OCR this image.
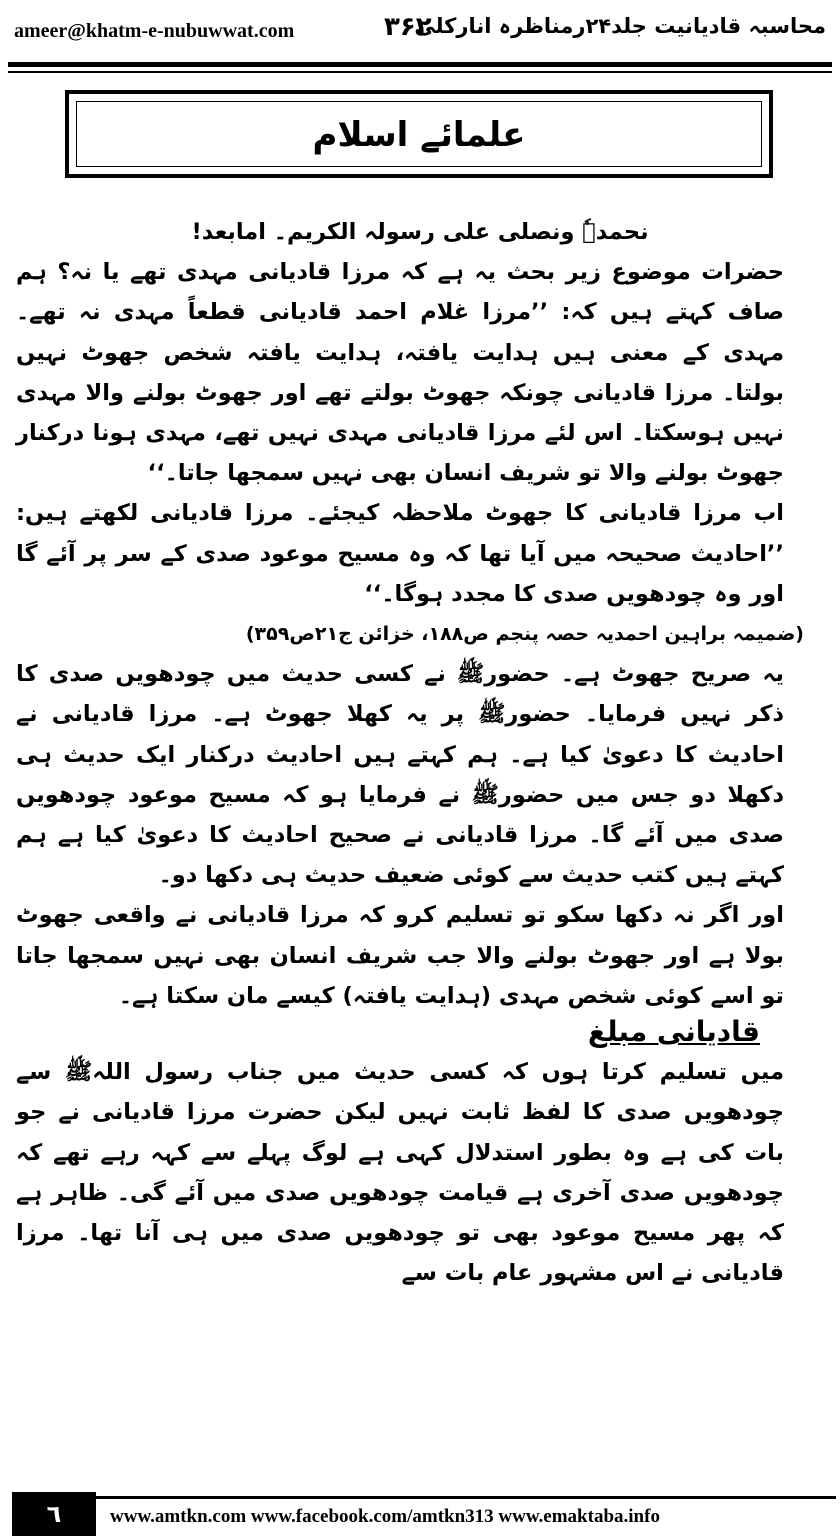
ameer@khatm-e-nubuwwat.com	۳۶۲
محاسبہ قادیانیت جلد۲۴رمناظرہ انارکلی
علمائے اسلام

نحمدہٗ ونصلی علی رسولہ الکریم۔ امابعد!

حضرات موضوع زیر بحث یہ ہے کہ مرزا قادیانی مہدی تھے یا نہ؟ ہم صاف کہتے ہیں کہ: ’’مرزا غلام احمد قادیانی قطعاً مہدی نہ تھے۔ مہدی کے معنی ہیں ہدایت یافتہ، ہدایت یافتہ شخص جھوٹ نہیں بولتا۔ مرزا قادیانی چونکہ جھوٹ بولتے تھے اور جھوٹ بولنے والا مہدی نہیں ہوسکتا۔ اس لئے مرزا قادیانی مہدی نہیں تھے، مہدی ہونا درکنار جھوٹ بولنے والا تو شریف انسان بھی نہیں سمجھا جاتا۔‘‘

اب مرزا قادیانی کا جھوٹ ملاحظہ کیجئے۔ مرزا قادیانی لکھتے ہیں: ’’احادیث صحیحہ میں آیا تھا کہ وہ مسیح موعود صدی کے سر پر آئے گا اور وہ چودھویں صدی کا مجدد ہوگا۔‘‘

(ضمیمہ براہین احمدیہ حصہ پنجم ص۱۸۸، خزائن ج۲۱ص۳۵۹)

یہ صریح جھوٹ ہے۔ حضورﷺ نے کسی حدیث میں چودھویں صدی کا ذکر نہیں فرمایا۔ حضورﷺ پر یہ کھلا جھوٹ ہے۔ مرزا قادیانی نے احادیث کا دعویٰ کیا ہے۔ ہم کہتے ہیں احادیث درکنار ایک حدیث ہی دکھلا دو جس میں حضورﷺ نے فرمایا ہو کہ مسیح موعود چودھویں صدی میں آئے گا۔ مرزا قادیانی نے صحیح احادیث کا دعویٰ کیا ہے ہم کہتے ہیں کتب حدیث سے کوئی ضعیف حدیث ہی دکھا دو۔

اور اگر نہ دکھا سکو تو تسلیم کرو کہ مرزا قادیانی نے واقعی جھوٹ بولا ہے اور جھوٹ بولنے والا جب شریف انسان بھی نہیں سمجھا جاتا تو اسے کوئی شخص مہدی (ہدایت یافتہ) کیسے مان سکتا ہے۔

قادیانی مبلغ

میں تسلیم کرتا ہوں کہ کسی حدیث میں جناب رسول اللہﷺ سے چودھویں صدی کا لفظ ثابت نہیں لیکن حضرت مرزا قادیانی نے جو بات کی ہے وہ بطور استدلال کہی ہے لوگ پہلے سے کہہ رہے تھے کہ چودھویں صدی آخری ہے قیامت چودھویں صدی میں آئے گی۔ ظاہر ہے کہ پھر مسیح موعود بھی تو چودھویں صدی میں ہی آنا تھا۔ مرزا قادیانی نے اس مشہور عام بات سے

٦	www.amtkn.com www.facebook.com/amtkn313 www.emaktaba.info
